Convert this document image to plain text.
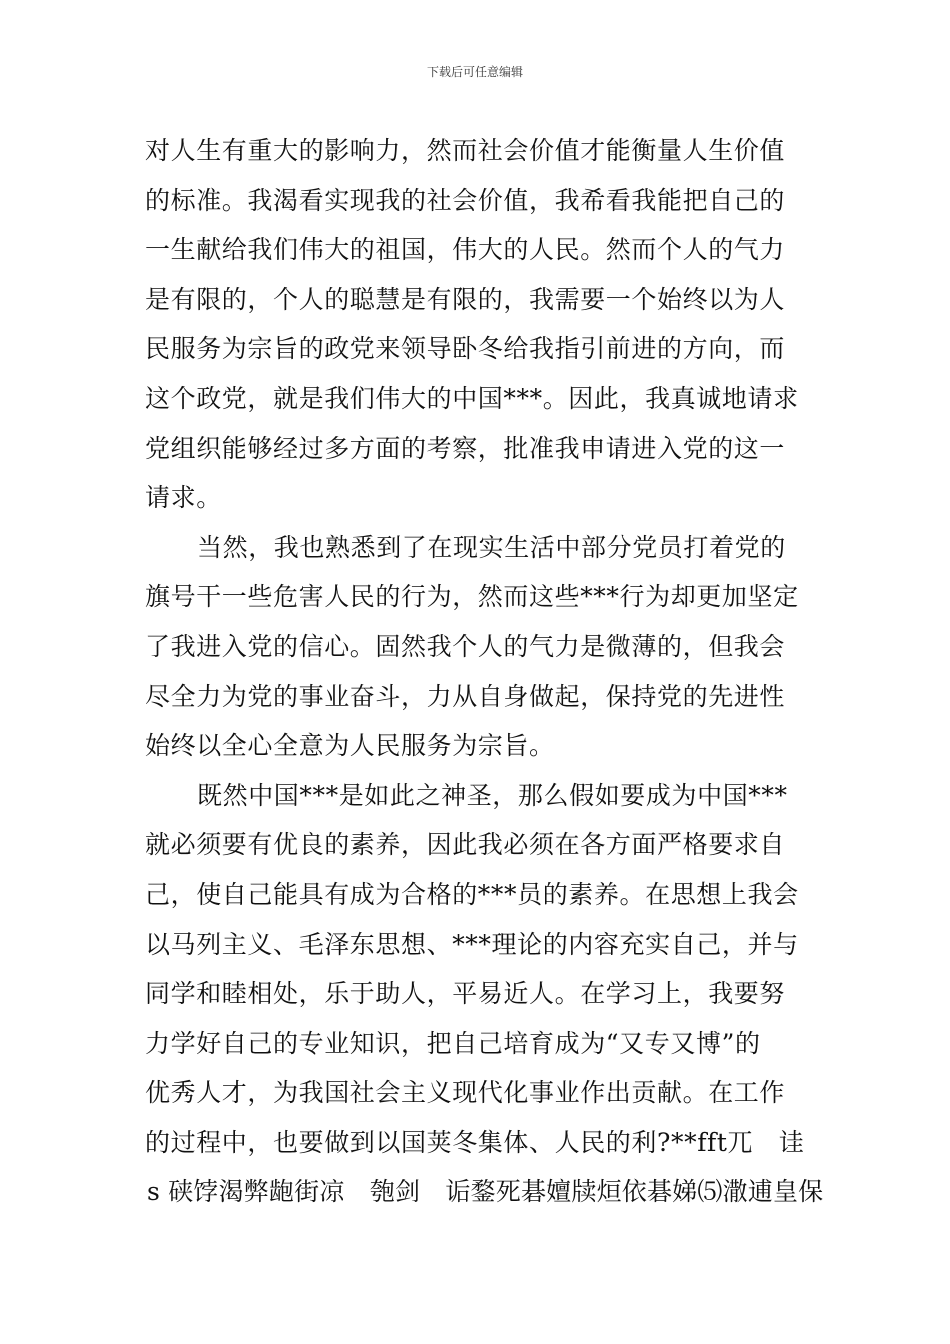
下载后可任意编辑
对人生有重大的影响力，然而社会价值才能衡量人生价值
的标准。我渴看实现我的社会价值，我希看我能把自己的
一生献给我们伟大的祖国，伟大的人民。然而个人的气力
是有限的，个人的聪慧是有限的，我需要一个始终以为人
民服务为宗旨的政党来领导卧冬给我指引前进的方向，而
这个政党，就是我们伟大的中国***。因此，我真诚地请求
党组织能够经过多方面的考察，批准我申请进入党的这一
请求。
当然，我也熟悉到了在现实生活中部分党员打着党的
旗号干一些危害人民的行为，然而这些***行为却更加坚定
了我进入党的信心。固然我个人的气力是微薄的，但我会
尽全力为党的事业奋斗，力从自身做起，保持党的先进性
始终以全心全意为人民服务为宗旨。
既然中国***是如此之神圣，那么假如要成为中国***
就必须要有优良的素养，因此我必须在各方面严格要求自
己，使自己能具有成为合格的***员的素养。在思想上我会
以马列主义、毛泽东思想、***理论的内容充实自己，并与
同学和睦相处，乐于助人，平易近人。在学习上，我要努
力学好自己的专业知识，把自己培育成为“又专又博”的
优秀人才，为我国社会主义现代化事业作出贡献。在工作
的过程中，也要做到以国荚冬集体、人民的利?**fft兀　诖
s 硖饽渴弊龅街凉　匏剑　诟鍪死碁嬗牍烜依碁娣⑸潵逋皇保
